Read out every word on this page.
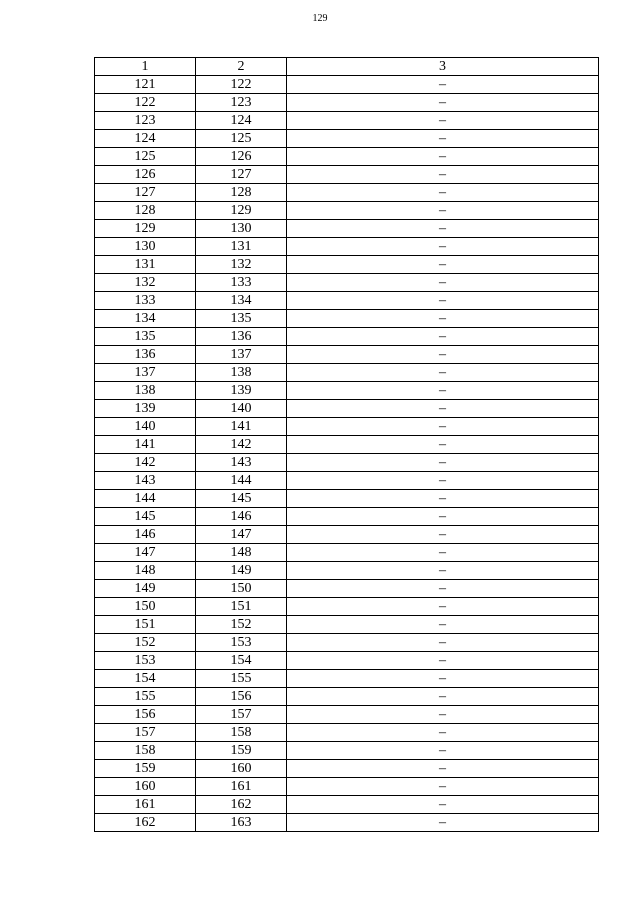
129
1	2	3
121	122	–
122	123	–
123	124	–
124	125	–
125	126	–
126	127	–
127	128	–
128	129	–
129	130	–
130	131	–
131	132	–
132	133	–
133	134	–
134	135	–
135	136	–
136	137	–
137	138	–
138	139	–
139	140	–
140	141	–
141	142	–
142	143	–
143	144	–
144	145	–
145	146	–
146	147	–
147	148	–
148	149	–
149	150	–
150	151	–
151	152	–
152	153	–
153	154	–
154	155	–
155	156	–
156	157	–
157	158	–
158	159	–
159	160	–
160	161	–
161	162	–
162	163	–
